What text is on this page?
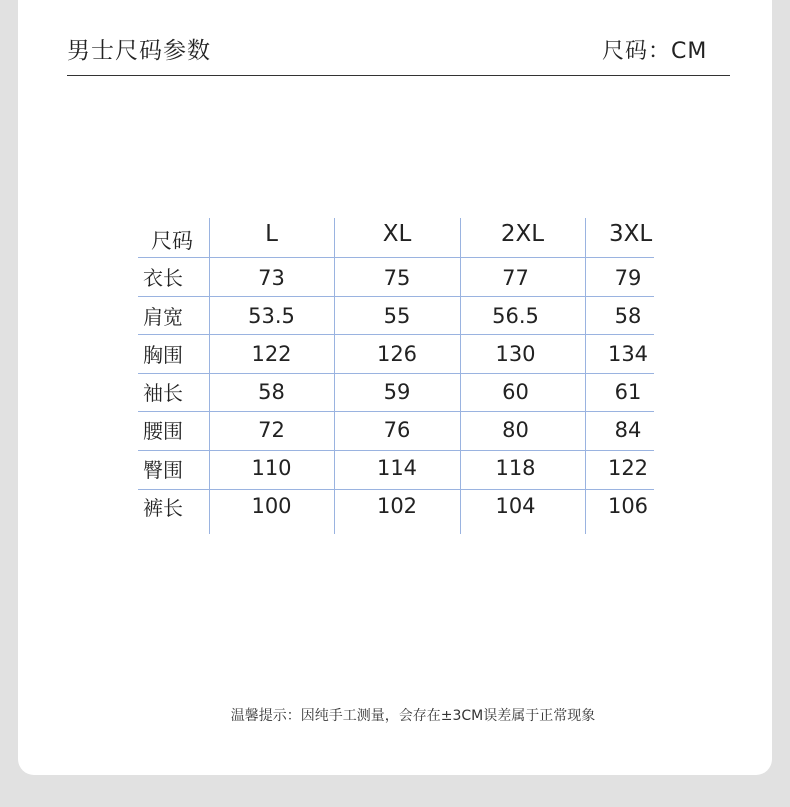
男士尺码参数	尺码：CM
尺码	L	XL	2XL	3XL
衣长	73	75	77	79
肩宽	53.5	55	56.5	58
胸围	122	126	130	134
袖长	58	59	60	61
腰围	72	76	80	84
臀围	110	114	118	122
裤长	100	102	104	106
温馨提示：因纯手工测量，会存在±3CM误差属于正常现象
